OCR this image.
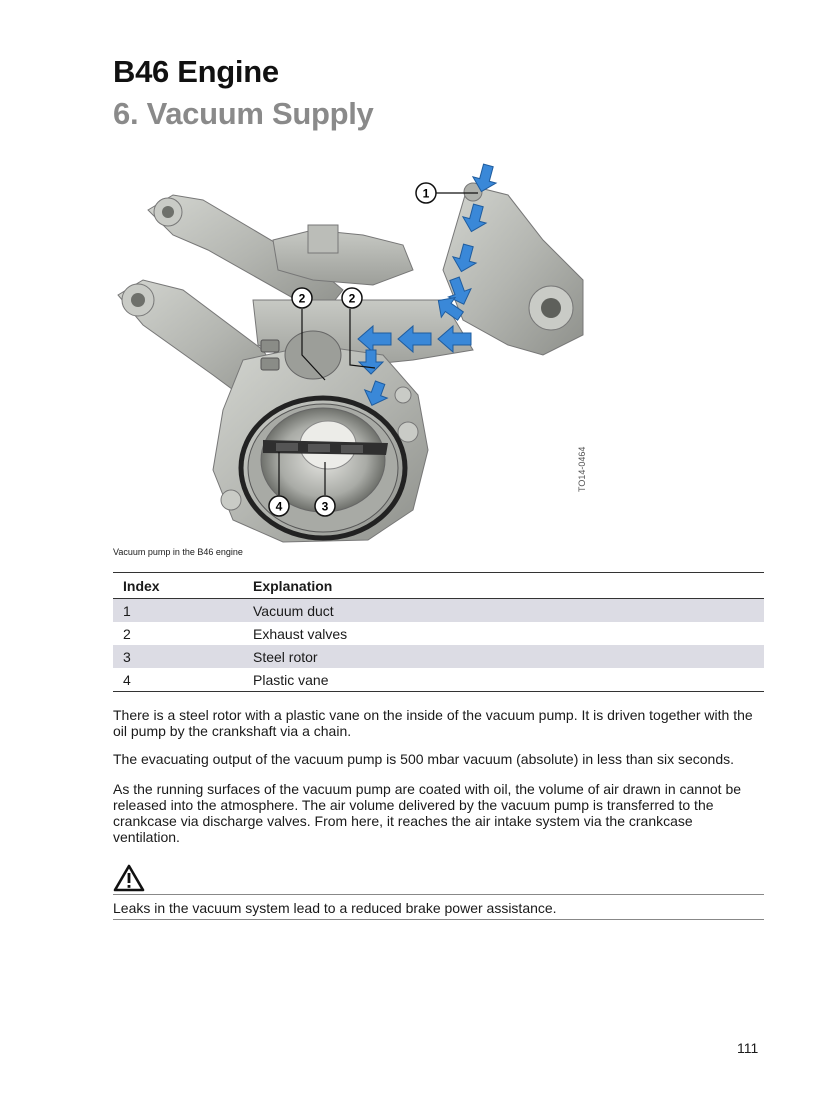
B46 Engine
6. Vacuum Supply
1
2	2
3
4
TO14-0464
Vacuum pump in the B46 engine
Index	Explanation
1	Vacuum duct
2	Exhaust valves
3	Steel rotor
4	Plastic vane

There is a steel rotor with a plastic vane on the inside of the vacuum pump. It is driven together with the oil pump by the crankshaft via a chain.

The evacuating output of the vacuum pump is 500 mbar vacuum (absolute) in less than six seconds.

As the running surfaces of the vacuum pump are coated with oil, the volume of air drawn in cannot be released into the atmosphere. The air volume delivered by the vacuum pump is transferred to the crankcase via discharge valves. From here, it reaches the air intake system via the crankcase ventilation.

Leaks in the vacuum system lead to a reduced brake power assistance.
111
